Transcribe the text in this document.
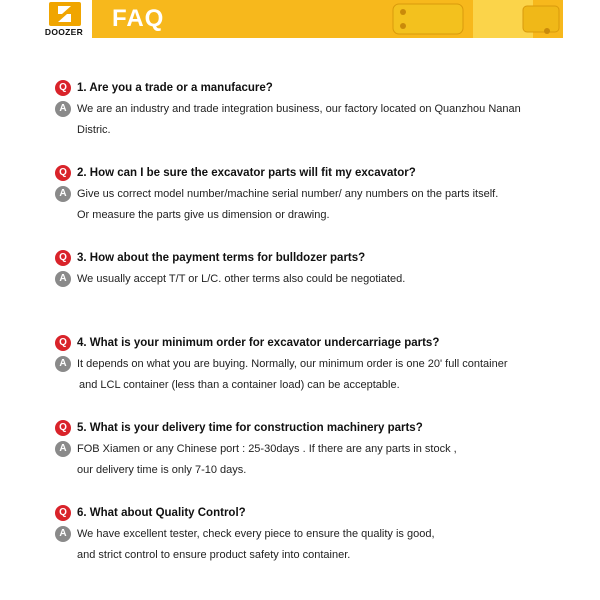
DOOZER	FAQ
Q 1. Are you a trade or a manufacure?
A We are an industry and trade integration business, our factory located on Quanzhou Nanan
Distric.
Q 2. How can I be sure the excavator parts will fit my excavator?
A Give us correct model number/machine serial number/ any numbers on the parts itself.
Or measure the parts give us dimension or drawing.
Q 3. How about the payment terms for bulldozer parts?
A We usually accept T/T or L/C. other terms also could be negotiated.
Q 4. What is your minimum order for excavator undercarriage parts?
A It depends on what you are buying. Normally, our minimum order is one 20' full container
and LCL container (less than a container load) can be acceptable.
Q 5. What is your delivery time for construction machinery parts?
A FOB Xiamen or any Chinese port : 25-30days . If there are any parts in stock ,
our delivery time is only 7-10 days.
Q 6. What about Quality Control?
A We have excellent tester, check every piece to ensure the quality is good,
and strict control to ensure product safety into container.
